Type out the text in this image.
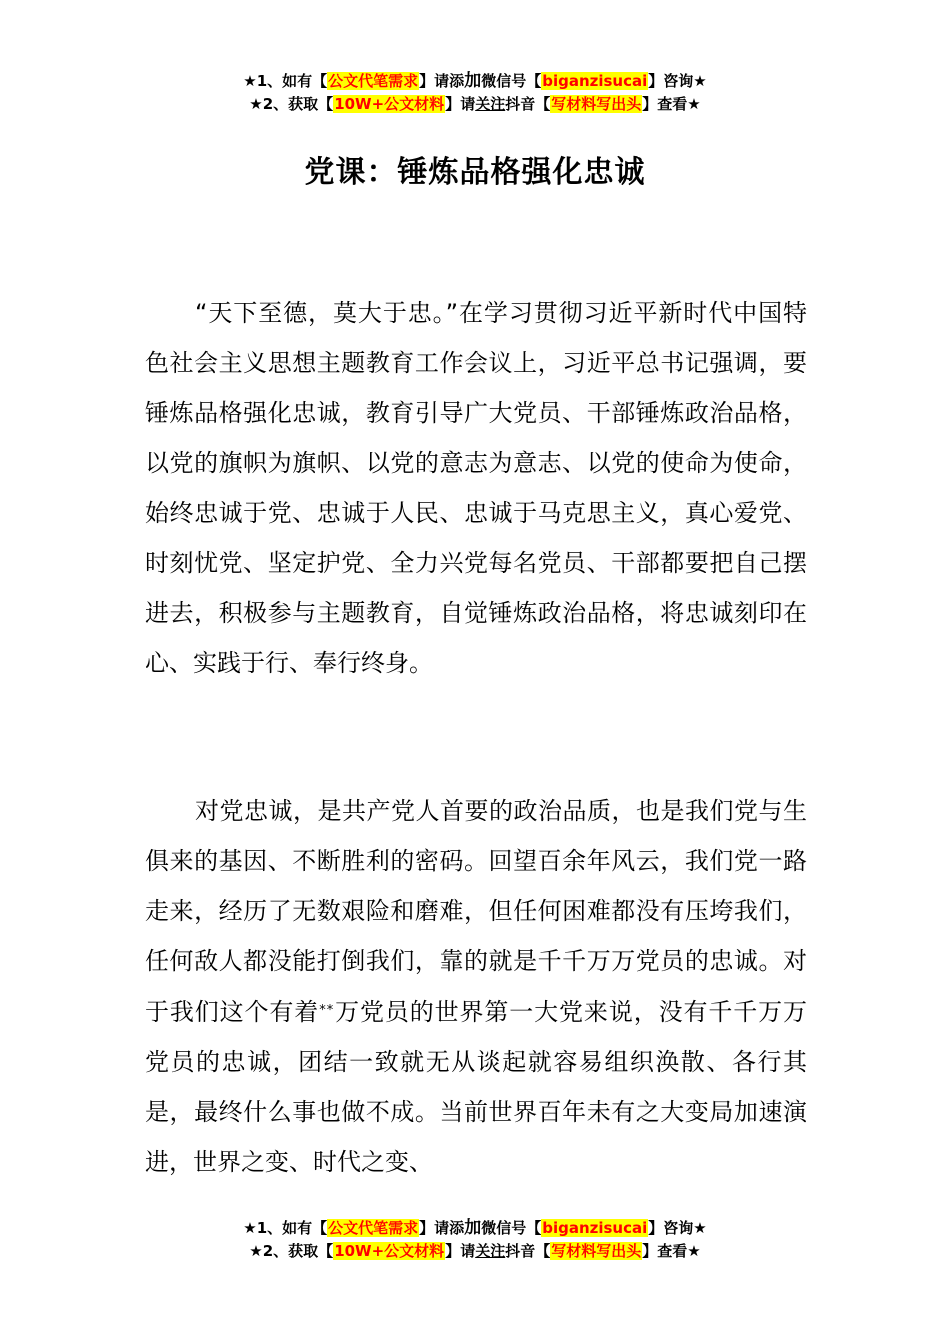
★1、如有【公文代笔需求】请添加微信号【biganzisucai】咨询★
★2、获取【10W+公文材料】请关注抖音【写材料写出头】查看★
党课：锤炼品格强化忠诚

“天下至德，莫大于忠。”在学习贯彻习近平新时代中国特色社会主义思想主题教育工作会议上，习近平总书记强调，要锤炼品格强化忠诚，教育引导广大党员、干部锤炼政治品格，以党的旗帜为旗帜、以党的意志为意志、以党的使命为使命，始终忠诚于党、忠诚于人民、忠诚于马克思主义，真心爱党、时刻忧党、坚定护党、全力兴党每名党员、干部都要把自己摆进去，积极参与主题教育，自觉锤炼政治品格，将忠诚刻印在心、实践于行、奉行终身。

对党忠诚，是共产党人首要的政治品质，也是我们党与生俱来的基因、不断胜利的密码。回望百余年风云，我们党一路走来，经历了无数艰险和磨难，但任何困难都没有压垮我们，任何敌人都没能打倒我们，靠的就是千千万万党员的忠诚。对于我们这个有着**万党员的世界第一大党来说，没有千千万万党员的忠诚，团结一致就无从谈起就容易组织涣散、各行其是，最终什么事也做不成。当前世界百年未有之大变局加速演进，世界之变、时代之变、

★1、如有【公文代笔需求】请添加微信号【biganzisucai】咨询★
★2、获取【10W+公文材料】请关注抖音【写材料写出头】查看★
